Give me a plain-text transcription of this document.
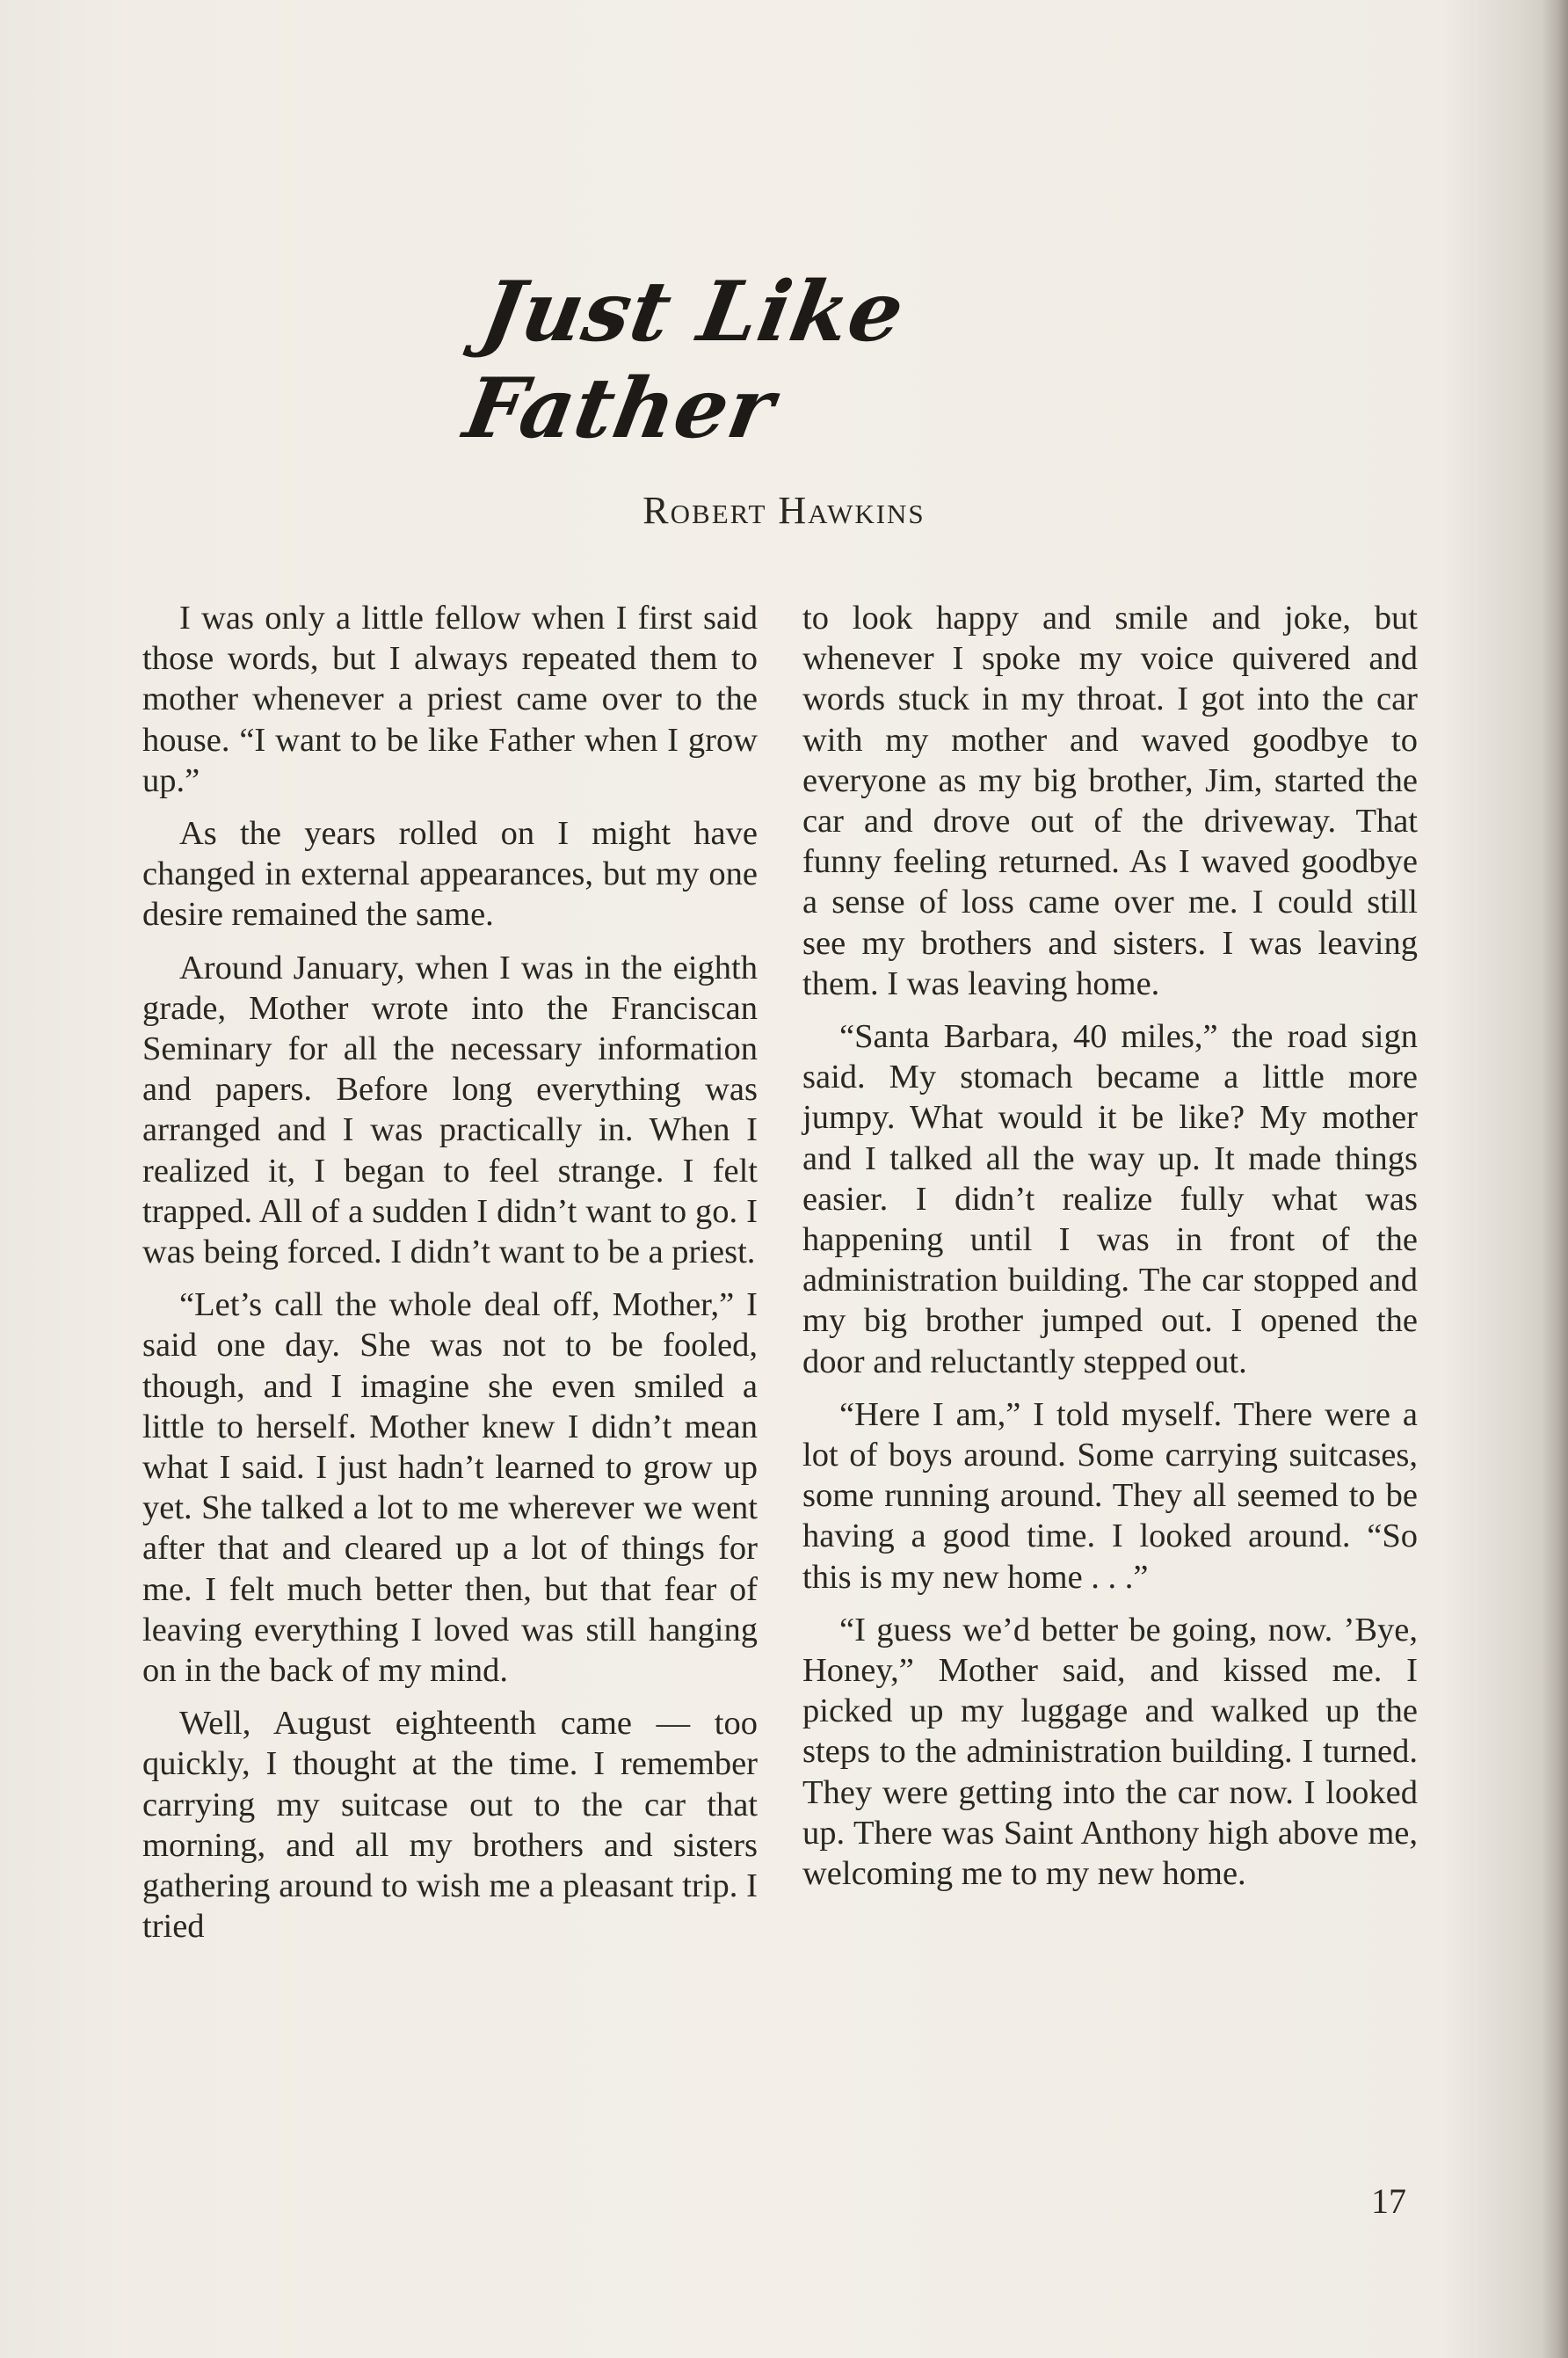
Just Like Father
Robert Hawkins

I was only a little fellow when I first said those words, but I always repeated them to mother whenever a priest came over to the house. “I want to be like Father when I grow up.”

As the years rolled on I might have changed in external appearances, but my one desire remained the same.

Around January, when I was in the eighth grade, Mother wrote into the Franciscan Seminary for all the necessary information and papers. Before long everything was arranged and I was practically in. When I realized it, I began to feel strange. I felt trapped. All of a sudden I didn’t want to go. I was being forced. I didn’t want to be a priest.

“Let’s call the whole deal off, Mother,” I said one day. She was not to be fooled, though, and I imagine she even smiled a little to herself. Mother knew I didn’t mean what I said. I just hadn’t learned to grow up yet. She talked a lot to me wherever we went after that and cleared up a lot of things for me. I felt much better then, but that fear of leaving everything I loved was still hanging on in the back of my mind.

Well, August eighteenth came — too quickly, I thought at the time. I remember carrying my suitcase out to the car that morning, and all my brothers and sisters gathering around to wish me a pleasant trip. I tried

to look happy and smile and joke, but whenever I spoke my voice quivered and words stuck in my throat. I got into the car with my mother and waved goodbye to everyone as my big brother, Jim, started the car and drove out of the driveway. That funny feeling returned. As I waved goodbye a sense of loss came over me. I could still see my brothers and sisters. I was leaving them. I was leaving home.

“Santa Barbara, 40 miles,” the road sign said. My stomach became a little more jumpy. What would it be like? My mother and I talked all the way up. It made things easier. I didn’t realize fully what was happening until I was in front of the administration building. The car stopped and my big brother jumped out. I opened the door and reluctantly stepped out.

“Here I am,” I told myself. There were a lot of boys around. Some carrying suitcases, some running around. They all seemed to be having a good time. I looked around. “So this is my new home . . .”

“I guess we’d better be going, now. ’Bye, Honey,” Mother said, and kissed me. I picked up my luggage and walked up the steps to the administration building. I turned. They were getting into the car now. I looked up. There was Saint Anthony high above me, welcoming me to my new home.

17
